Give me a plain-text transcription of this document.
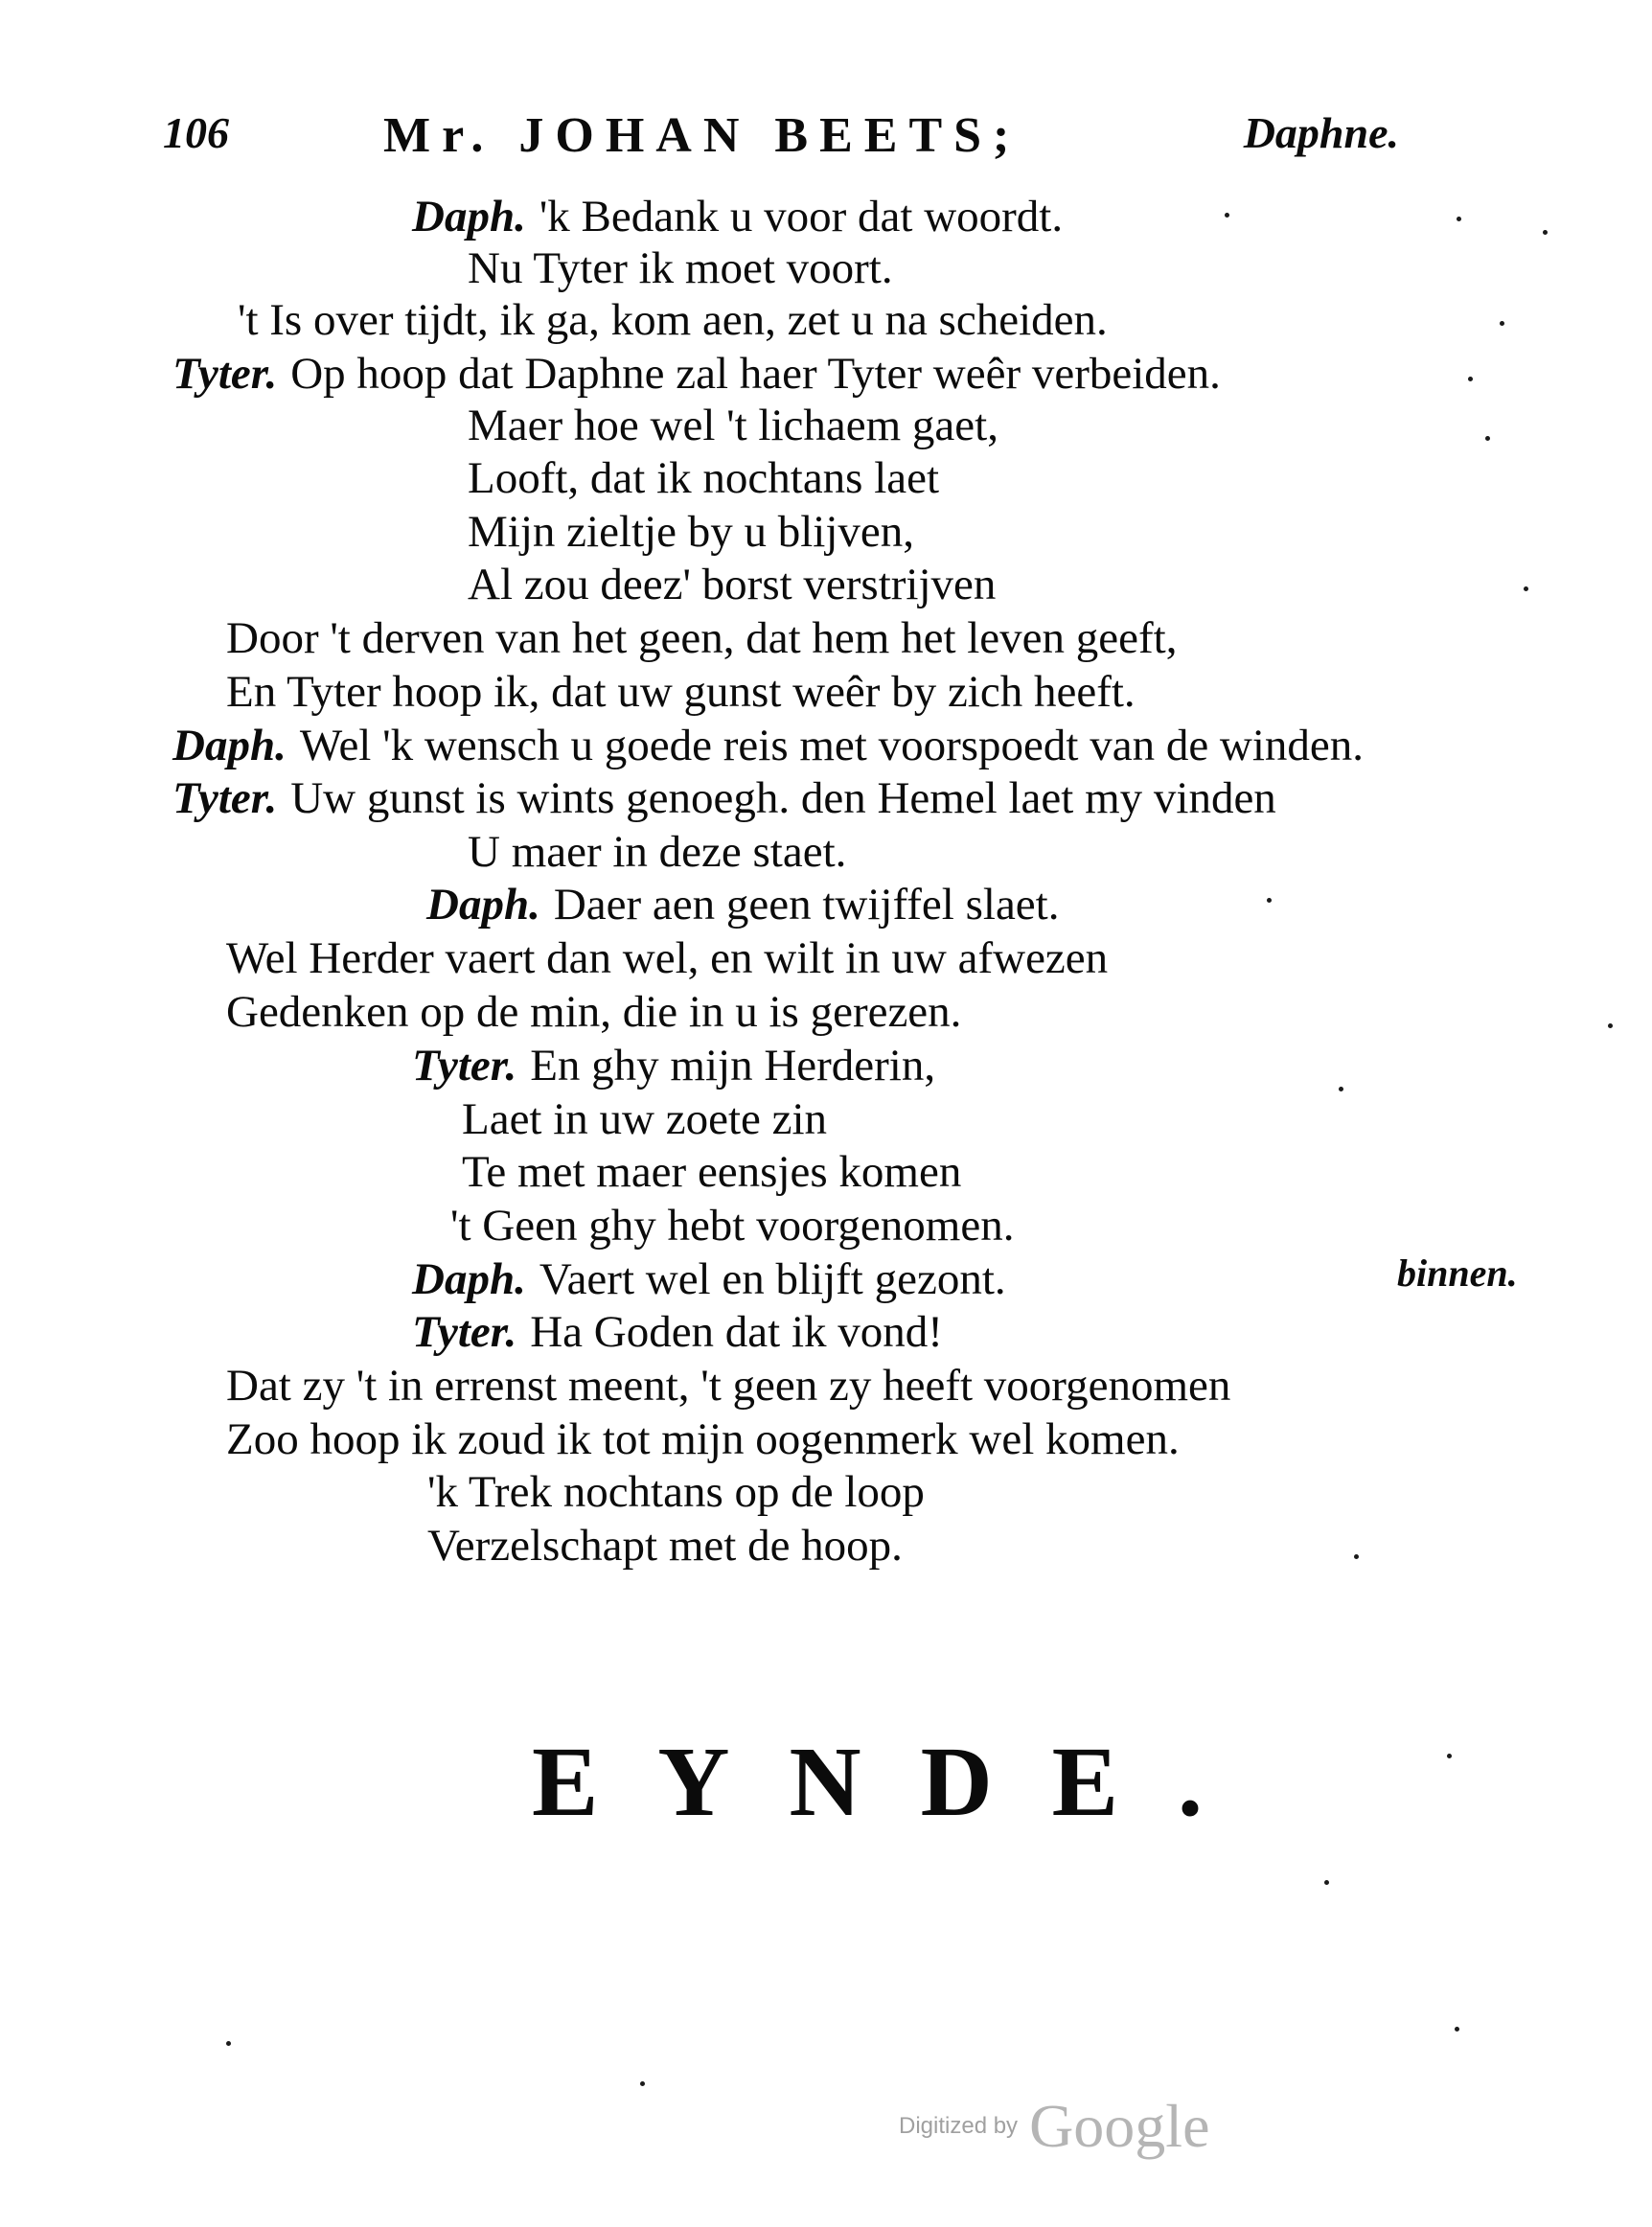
106	Mr. JOHAN BEETS;	Daphne.
Daph. 'k Bedank u voor dat woordt.
Nu Tyter ik moet voort.
't Is over tijdt, ik ga, kom aen, zet u na scheiden.
Tyter. Op hoop dat Daphne zal haer Tyter weêr verbeiden.
Maer hoe wel 't lichaem gaet,
Looft, dat ik nochtans laet
Mijn zieltje by u blijven,
Al zou deez' borst verstrijven
Door 't derven van het geen, dat hem het leven geeft,
En Tyter hoop ik, dat uw gunst weêr by zich heeft.
Daph. Wel 'k wensch u goede reis met voorspoedt van de winden.
Tyter. Uw gunst is wints genoegh. den Hemel laet my vinden
U maer in deze staet.
Daph. Daer aen geen twijffel slaet.
Wel Herder vaert dan wel, en wilt in uw afwezen
Gedenken op de min, die in u is gerezen.
Tyter. En ghy mijn Herderin,
Laet in uw zoete zin
Te met maer eensjes komen
't Geen ghy hebt voorgenomen.
Daph. Vaert wel en blijft gezont.
Tyter. Ha Goden dat ik vond!
Dat zy 't in errenst meent, 't geen zy heeft voorgenomen
Zoo hoop ik zoud ik tot mijn oogenmerk wel komen.
'k Trek nochtans op de loop
Verzelschapt met de hoop.
binnen.
EYNDE.
Digitized by Google
